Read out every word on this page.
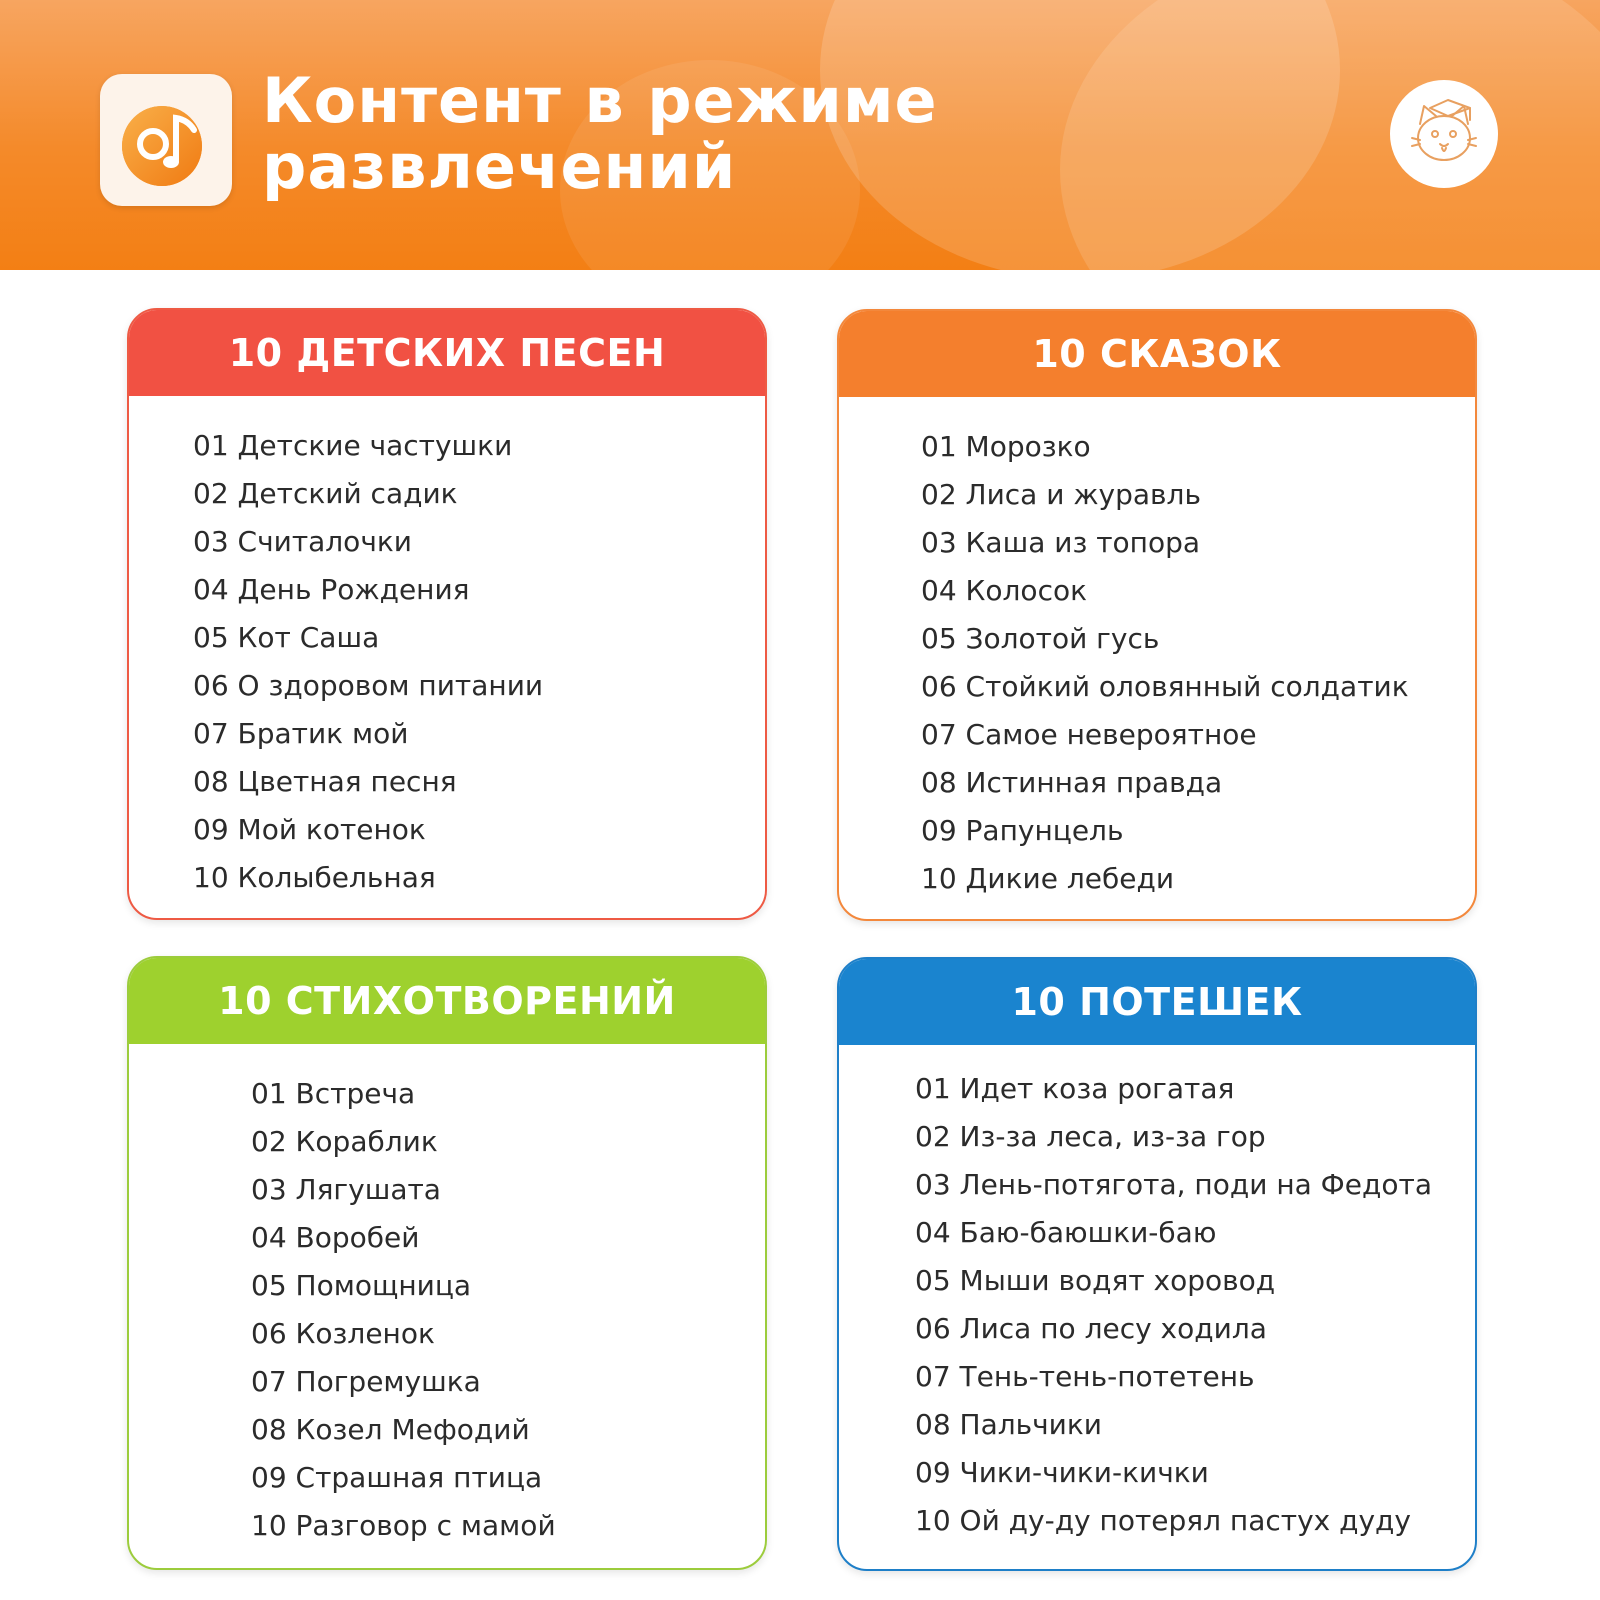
Контент в режиме
развлечений
10 ДЕТСКИХ ПЕСЕН
01 Детские частушки
02 Детский садик
03 Считалочки
04 День Рождения
05 Кот Саша
06 О здоровом питании
07 Братик мой
08 Цветная песня
09 Мой котенок
10 Колыбельная
10 СКАЗОК
01 Морозко
02 Лиса и журавль
03 Каша из топора
04 Колосок
05 Золотой гусь
06 Стойкий оловянный солдатик
07 Самое невероятное
08 Истинная правда
09 Рапунцель
10 Дикие лебеди
10 СТИХОТВОРЕНИЙ
01 Встреча
02 Кораблик
03 Лягушата
04 Воробей
05 Помощница
06 Козленок
07 Погремушка
08 Козел Мефодий
09 Страшная птица
10 Разговор с мамой
10 ПОТЕШЕК
01 Идет коза рогатая
02 Из-за леса, из-за гор
03 Лень-потягота, поди на Федота
04 Баю-баюшки-баю
05 Мыши водят хоровод
06 Лиса по лесу ходила
07 Тень-тень-потетень
08 Пальчики
09 Чики-чики-кички
10 Ой ду-ду потерял пастух дуду
